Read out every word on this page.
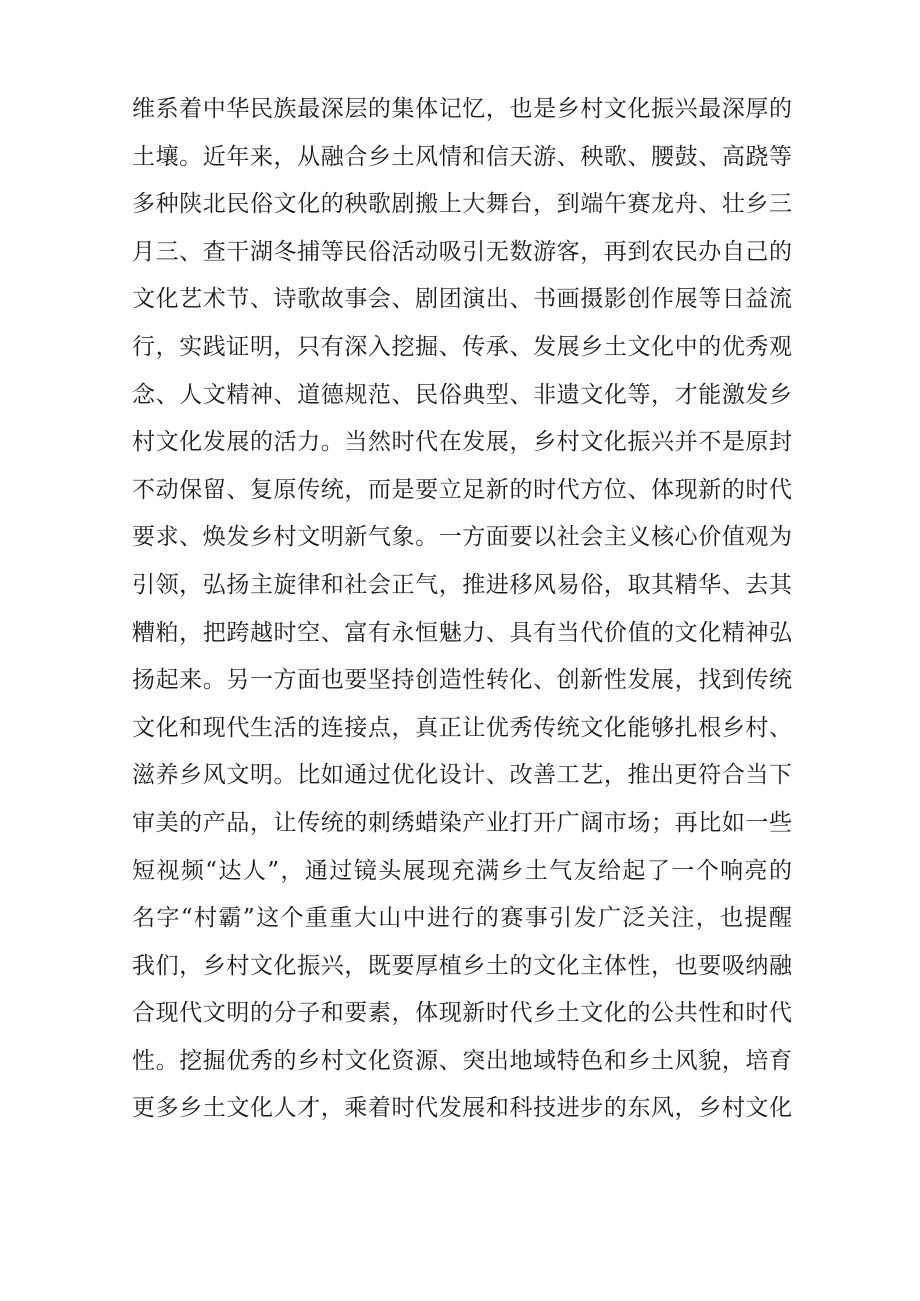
维系着中华民族最深层的集体记忆，也是乡村文化振兴最深厚的
土壤。近年来，从融合乡土风情和信天游、秧歌、腰鼓、高跷等
多种陕北民俗文化的秧歌剧搬上大舞台，到端午赛龙舟、壮乡三
月三、查干湖冬捕等民俗活动吸引无数游客，再到农民办自己的
文化艺术节、诗歌故事会、剧团演出、书画摄影创作展等日益流
行，实践证明，只有深入挖掘、传承、发展乡土文化中的优秀观
念、人文精神、道德规范、民俗典型、非遗文化等，才能激发乡
村文化发展的活力。当然时代在发展，乡村文化振兴并不是原封
不动保留、复原传统，而是要立足新的时代方位、体现新的时代
要求、焕发乡村文明新气象。一方面要以社会主义核心价值观为
引领，弘扬主旋律和社会正气，推进移风易俗，取其精华、去其
糟粕，把跨越时空、富有永恒魅力、具有当代价值的文化精神弘
扬起来。另一方面也要坚持创造性转化、创新性发展，找到传统
文化和现代生活的连接点，真正让优秀传统文化能够扎根乡村、
滋养乡风文明。比如通过优化设计、改善工艺，推出更符合当下
审美的产品，让传统的刺绣蜡染产业打开广阔市场；再比如一些
短视频“达人”，通过镜头展现充满乡土气友给起了一个响亮的
名字“村霸”这个重重大山中进行的赛事引发广泛关注，也提醒
我们，乡村文化振兴，既要厚植乡土的文化主体性，也要吸纳融
合现代文明的分子和要素，体现新时代乡土文化的公共性和时代
性。挖掘优秀的乡村文化资源、突出地域特色和乡土风貌，培育
更多乡土文化人才，乘着时代发展和科技进步的东风，乡村文化
